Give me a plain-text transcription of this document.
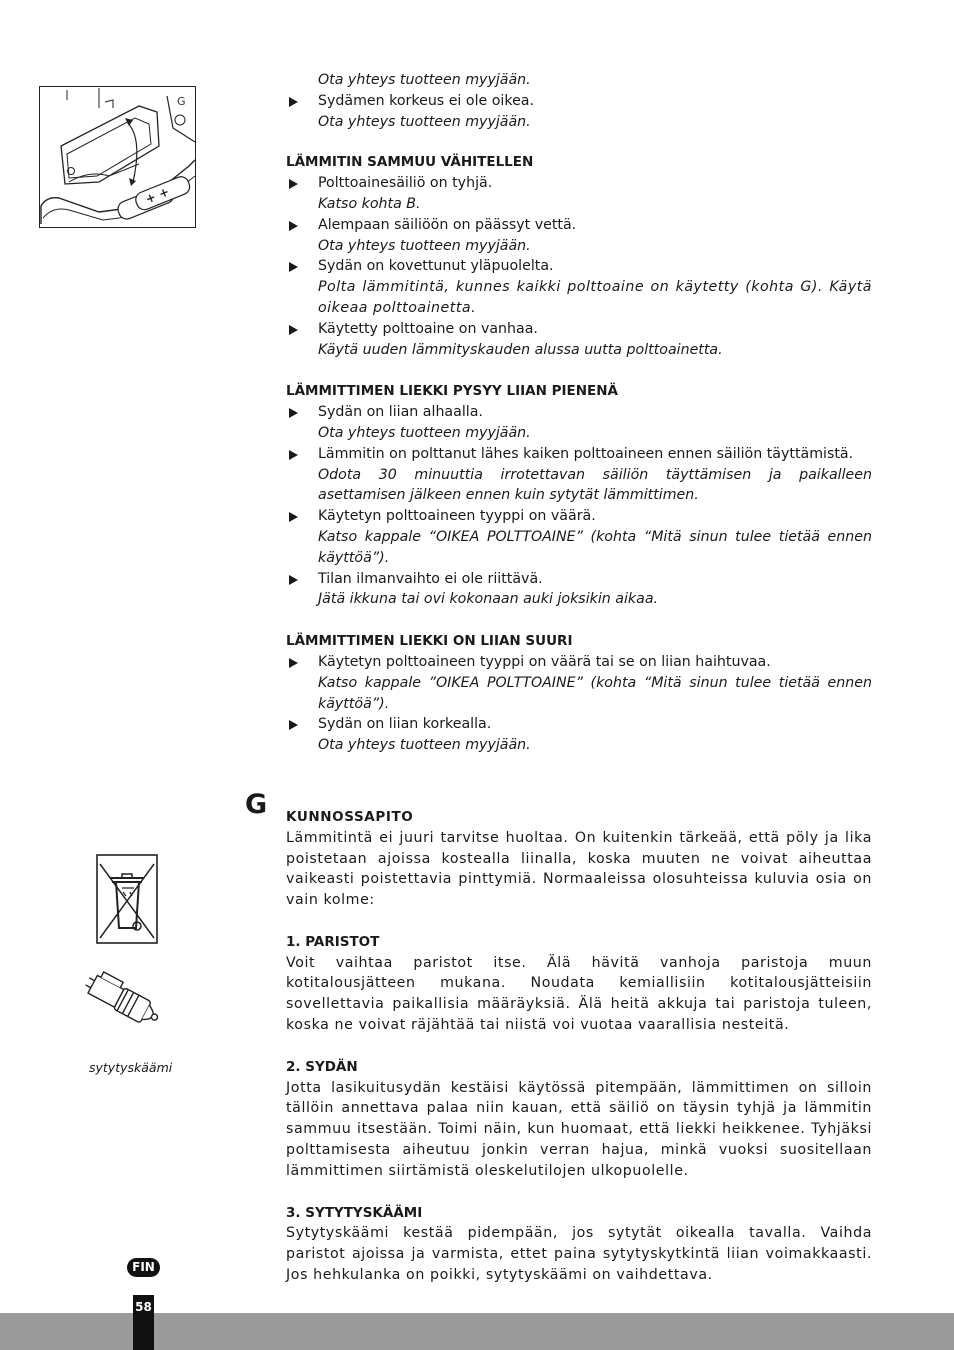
G
+ +

Ota yhteys tuotteen myyjään.

Sydämen korkeus ei ole oikea.

Ota yhteys tuotteen myyjään.

LÄMMITIN SAMMUU VÄHITELLEN

Polttoainesäiliö on tyhjä.

Katso kohta B.

Alempaan säiliöön on päässyt vettä.

Ota yhteys tuotteen myyjään.

Sydän on kovettunut yläpuolelta.

Polta lämmitintä, kunnes kaikki polttoaine on käytetty (kohta G). Käytä oikeaa polttoainetta.

Käytetty polttoaine on vanhaa.

Käytä uuden lämmityskauden alussa uutta polttoainetta.

LÄMMITTIMEN LIEKKI PYSYY LIIAN PIENENÄ

Sydän on liian alhaalla.

Ota yhteys tuotteen myyjään.

Lämmitin on polttanut lähes kaiken polttoaineen ennen säiliön täyttämistä.

Odota 30 minuuttia irrotettavan säiliön täyttämisen ja paikalleen asettamisen jälkeen ennen kuin sytytät lämmittimen.

Käytetyn polttoaineen tyyppi on väärä.

Katso kappale “OIKEA POLTTOAINE” (kohta “Mitä sinun tulee tietää ennen käyttöä”).

Tilan ilmanvaihto ei ole riittävä.

Jätä ikkuna tai ovi kokonaan auki joksikin aikaa.

LÄMMITTIMEN LIEKKI ON LIIAN SUURI

Käytetyn polttoaineen tyyppi on väärä tai se on liian haihtuvaa.

Katso kappale ”OIKEA POLTTOAINE” (kohta “Mitä sinun tulee tietää ennen käyttöä”).

Sydän on liian korkealla.

Ota yhteys tuotteen myyjään.

KUNNOSSAPITO

Lämmitintä ei juuri tarvitse huoltaa. On kuitenkin tärkeää, että pöly ja lika poistetaan ajoissa kostealla liinalla, koska muuten ne voivat aiheuttaa vaikeasti poistettavia pinttymiä. Normaaleissa olosuhteissa kuluvia osia on vain kolme:

1. PARISTOT

Voit vaihtaa paristot itse. Älä hävitä vanhoja paristoja muun kotitalousjätteen mukana. Noudata kemiallisiin kotitalousjätteisiin sovellettavia paikallisia määräyksiä. Älä heitä akkuja tai paristoja tuleen, koska ne voivat räjähtää tai niistä voi vuotaa vaarallisia nesteitä.

2. SYDÄN

Jotta lasikuitusydän kestäisi käytössä pitempään, lämmittimen on silloin tällöin annettava palaa niin kauan, että säiliö on täysin tyhjä ja lämmitin sammuu itsestään. Toimi näin, kun huomaat, että liekki heikkenee. Tyhjäksi polttamisesta aiheutuu jonkin verran hajua, minkä vuoksi suositellaan lämmittimen siirtämistä oleskelutilojen ulkopuolelle.

3. SYTYTYSKÄÄMI

Sytytyskäämi kestää pidempään, jos sytytät oikealla tavalla. Vaihda paristot ajoissa ja varmista, ettet paina sytytyskytkintä liian voimakkaasti. Jos hehkulanka on poikki, sytytyskäämi on vaihdettava.

G
sytytyskäämi
FIN
58
